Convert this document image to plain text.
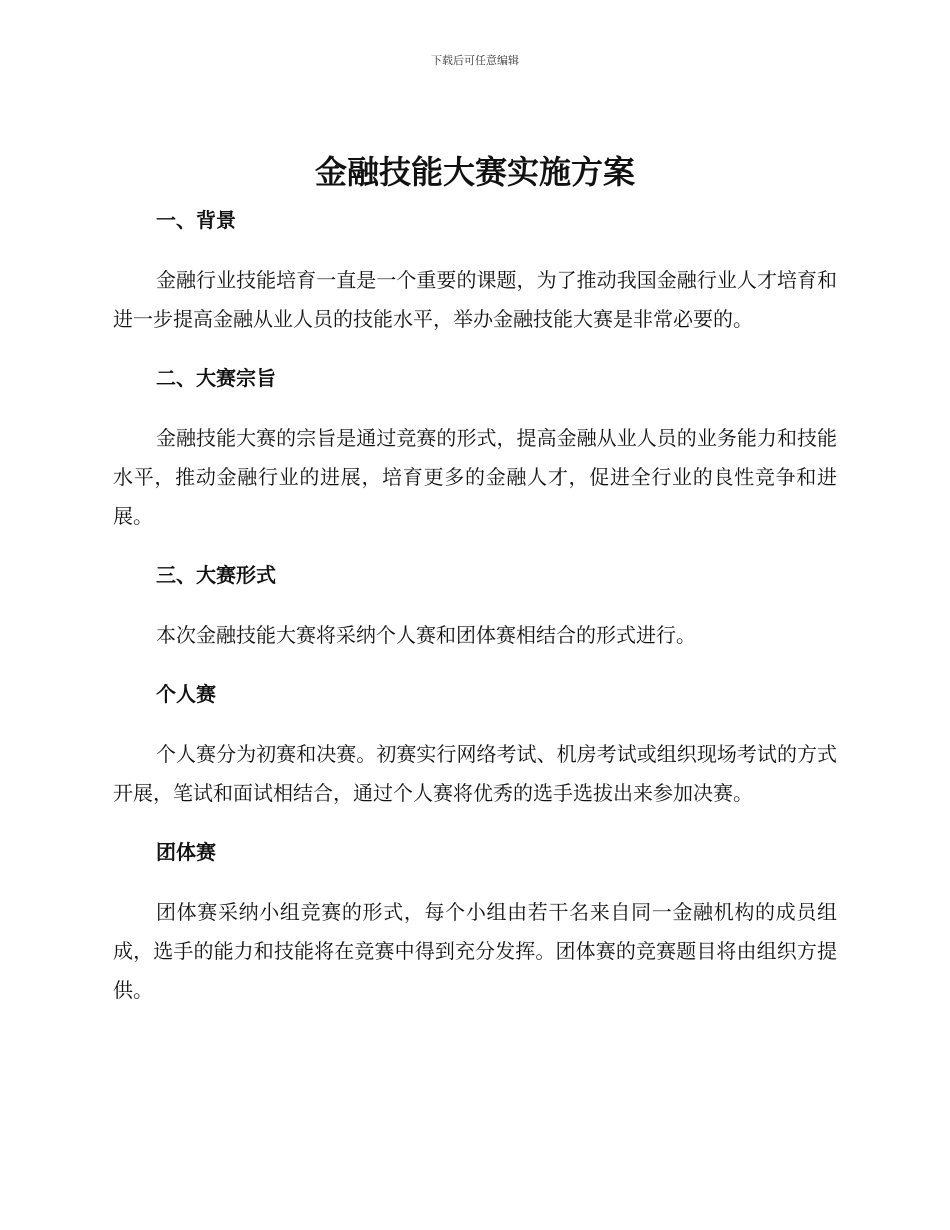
下载后可任意编辑
金融技能大赛实施方案
一、背景

金融行业技能培育一直是一个重要的课题，为了推动我国金融行业人才培育和进一步提高金融从业人员的技能水平，举办金融技能大赛是非常必要的。

二、大赛宗旨

金融技能大赛的宗旨是通过竞赛的形式，提高金融从业人员的业务能力和技能水平，推动金融行业的进展，培育更多的金融人才，促进全行业的良性竞争和进展。

三、大赛形式

本次金融技能大赛将采纳个人赛和团体赛相结合的形式进行。

个人赛

个人赛分为初赛和决赛。初赛实行网络考试、机房考试或组织现场考试的方式开展，笔试和面试相结合，通过个人赛将优秀的选手选拔出来参加决赛。

团体赛

团体赛采纳小组竞赛的形式，每个小组由若干名来自同一金融机构的成员组成，选手的能力和技能将在竞赛中得到充分发挥。团体赛的竞赛题目将由组织方提供。
